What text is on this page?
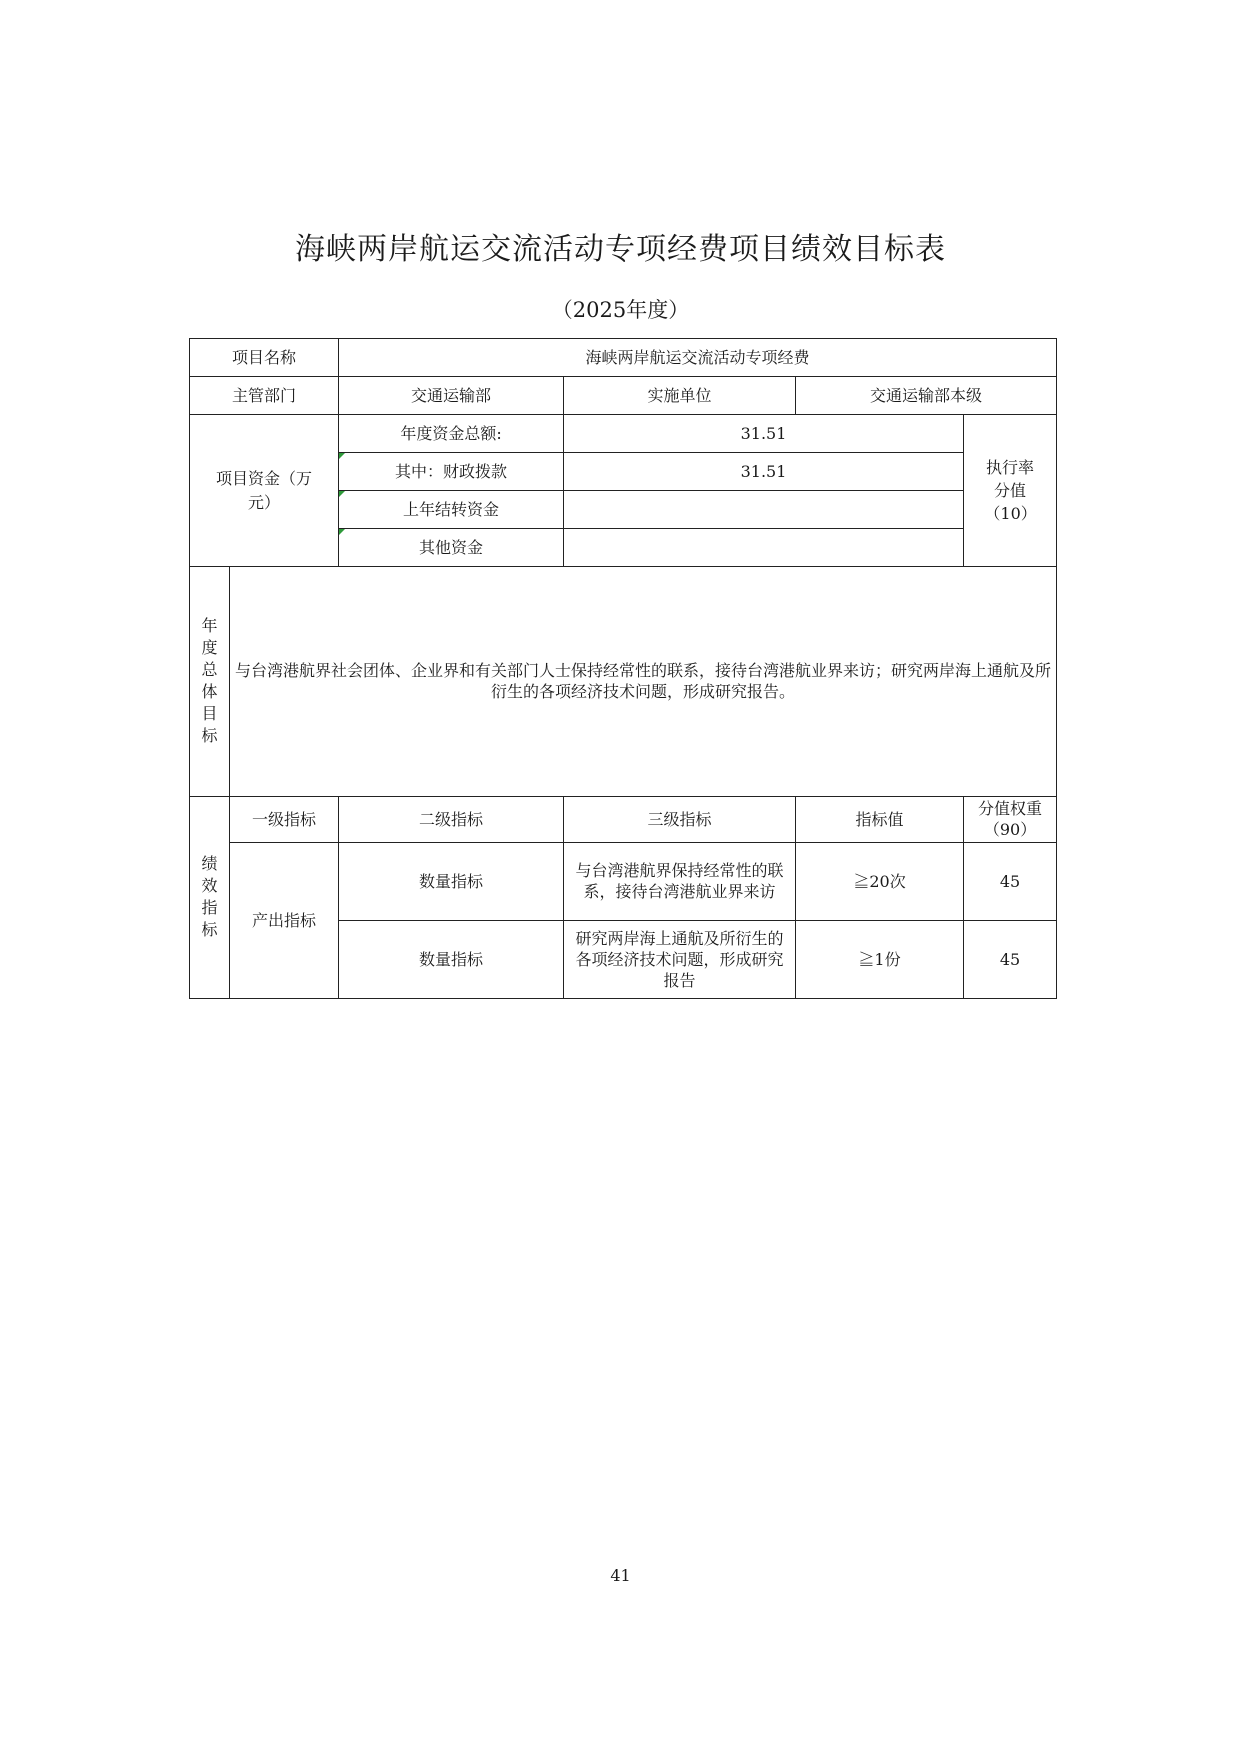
海峡两岸航运交流活动专项经费项目绩效目标表
（2025年度）
项目名称		海峡两岸航运交流活动专项经费			
主管部门		交通运输部	实施单位	交通运输部本级	

项目资金（万元）		年度资金总额:	31.51		执行率分值（10）

		其中：财政拨款	31.51		
		上年结转资金			
		其他资金			

年度总体目标	与台湾港航界社会团体、企业界和有关部门人士保持经常性的联系，接待台湾港航业界来访；研究两岸海上通航及所衍生的各项经济技术问题，形成研究报告。				

绩效指标	一级指标	二级指标	三级指标	指标值	分值权重（90）

	产出指标	数量指标	与台湾港航界保持经常性的联系，接待台湾港航业界来访	≧20次	45
		数量指标	研究两岸海上通航及所衍生的各项经济技术问题，形成研究报告	≧1份	45
41
